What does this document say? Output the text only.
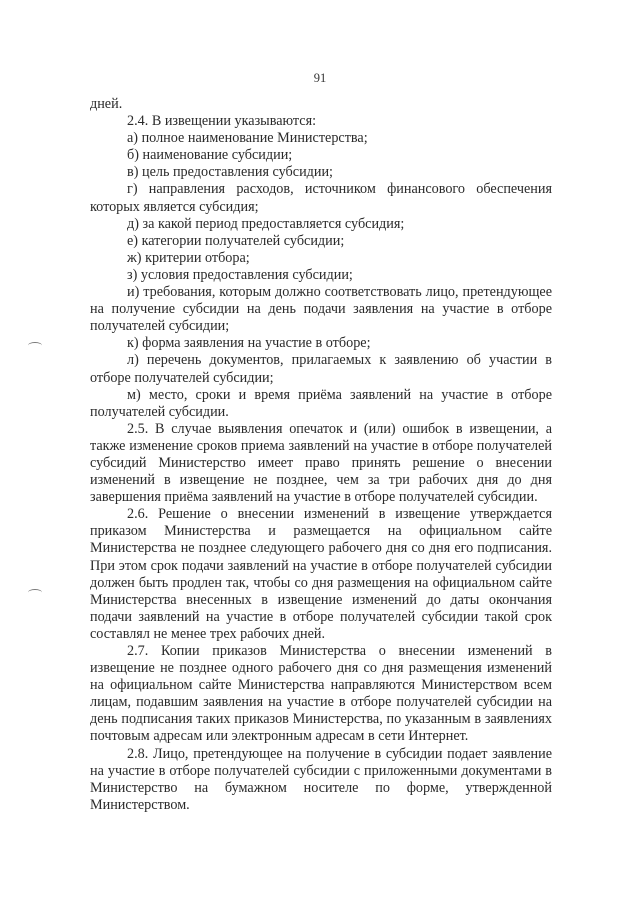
91

дней.

2.4. В извещении указываются:

а) полное наименование Министерства;

б) наименование субсидии;

в) цель предоставления субсидии;

г) направления расходов, источником финансового обеспечения которых является субсидия;

д) за какой период предоставляется субсидия;

е) категории получателей субсидии;

ж) критерии отбора;

з) условия предоставления субсидии;

и) требования, которым должно соответствовать лицо, претендующее на получение субсидии на день подачи заявления на участие в отборе получателей субсидии;

к) форма заявления на участие в отборе;

л) перечень документов, прилагаемых к заявлению об участии в отборе получателей субсидии;

м) место, сроки и время приёма заявлений на участие в отборе получателей субсидии.

2.5. В случае выявления опечаток и (или) ошибок в извещении, а также изменение сроков приема заявлений на участие в отборе получателей субсидий Министерство имеет право принять решение о внесении изменений в извещение не позднее, чем за три рабочих дня до дня завершения приёма заявлений на участие в отборе получателей субсидии.

2.6. Решение о внесении изменений в извещение утверждается приказом Министерства и размещается на официальном сайте Министерства не позднее следующего рабочего дня со дня его подписания. При этом срок подачи заявлений на участие в отборе получателей субсидии должен быть продлен так, чтобы со дня размещения на официальном сайте Министерства внесенных в извещение изменений до даты окончания подачи заявлений на участие в отборе получателей субсидии такой срок составлял не менее трех рабочих дней.

2.7. Копии приказов Министерства о внесении изменений в извещение не позднее одного рабочего дня со дня размещения изменений на официальном сайте Министерства направляются Министерством всем лицам, подавшим заявления на участие в отборе получателей субсидии на день подписания таких приказов Министерства, по указанным в заявлениях почтовым адресам или электронным адресам в сети Интернет.

2.8. Лицо, претендующее на получение в субсидии подает заявление на участие в отборе получателей субсидии с приложенными документами в Министерство на бумажном носителе по форме, утвержденной Министерством.
